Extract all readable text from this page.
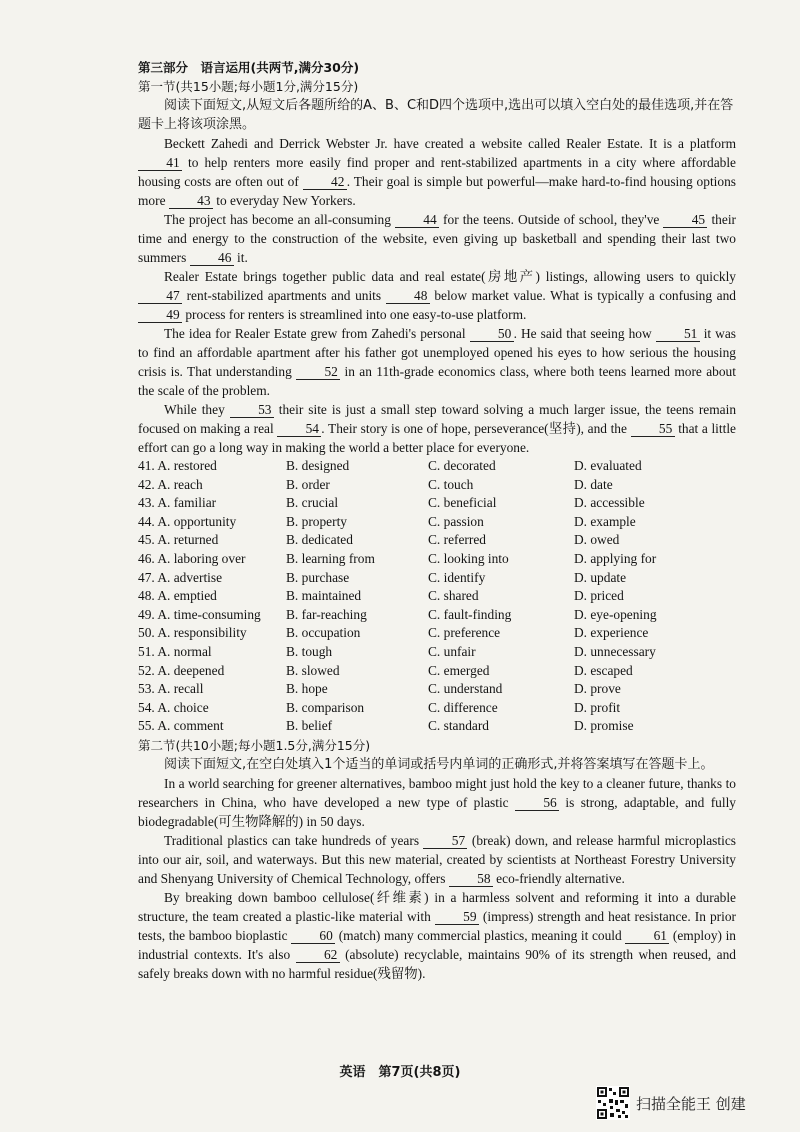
第三部分　语言运用(共两节,满分30分)
第一节(共15小题;每小题1分,满分15分)

阅读下面短文,从短文后各题所给的A、B、C和D四个选项中,选出可以填入空白处的最佳选项,并在答题卡上将该项涂黑。

Beckett Zahedi and Derrick Webster Jr. have created a website called Realer Estate. It is a platform 41 to help renters more easily find proper and rent-stabilized apartments in a city where affordable housing costs are often out of 42 . Their goal is simple but powerful—make hard-to-find housing options more 43 to everyday New Yorkers.

The project has become an all-consuming 44 for the teens. Outside of school, they've 45 their time and energy to the construction of the website, even giving up basketball and spending their last two summers 46 it.

Realer Estate brings together public data and real estate(房地产) listings, allowing users to quickly 47 rent-stabilized apartments and units 48 below market value. What is typically a confusing and 49 process for renters is streamlined into one easy-to-use platform.

The idea for Realer Estate grew from Zahedi's personal 50 . He said that seeing how 51 it was to find an affordable apartment after his father got unemployed opened his eyes to how serious the housing crisis is. That understanding 52 in an 11th-grade economics class, where both teens learned more about the scale of the problem.

While they 53 their site is just a small step toward solving a much larger issue, the teens remain focused on making a real 54 . Their story is one of hope, perseverance(坚持), and the 55 that a little effort can go a long way in making the world a better place for everyone.

41. A. restored	B. designed	C. decorated	D. evaluated
42. A. reach	B. order	C. touch	D. date
43. A. familiar	B. crucial	C. beneficial	D. accessible
44. A. opportunity	B. property	C. passion	D. example
45. A. returned	B. dedicated	C. referred	D. owed
46. A. laboring over	B. learning from	C. looking into	D. applying for
47. A. advertise	B. purchase	C. identify	D. update
48. A. emptied	B. maintained	C. shared	D. priced
49. A. time-consuming	B. far-reaching	C. fault-finding	D. eye-opening
50. A. responsibility	B. occupation	C. preference	D. experience
51. A. normal	B. tough	C. unfair	D. unnecessary
52. A. deepened	B. slowed	C. emerged	D. escaped
53. A. recall	B. hope	C. understand	D. prove
54. A. choice	B. comparison	C. difference	D. profit
55. A. comment	B. belief	C. standard	D. promise
第二节(共10小题;每小题1.5分,满分15分)

阅读下面短文,在空白处填入1个适当的单词或括号内单词的正确形式,并将答案填写在答题卡上。

In a world searching for greener alternatives, bamboo might just hold the key to a cleaner future, thanks to researchers in China, who have developed a new type of plastic 56 is strong, adaptable, and fully biodegradable(可生物降解的) in 50 days.

Traditional plastics can take hundreds of years 57 (break) down, and release harmful microplastics into our air, soil, and waterways. But this new material, created by scientists at Northeast Forestry University and Shenyang University of Chemical Technology, offers 58 eco-friendly alternative.

By breaking down bamboo cellulose(纤维素) in a harmless solvent and reforming it into a durable structure, the team created a plastic-like material with 59 (impress) strength and heat resistance. In prior tests, the bamboo bioplastic 60 (match) many commercial plastics, meaning it could 61 (employ) in industrial contexts. It's also 62 (absolute) recyclable, maintains 90% of its strength when reused, and safely breaks down with no harmful residue(残留物).

英语　第7页(共8页)
扫描全能王 创建
